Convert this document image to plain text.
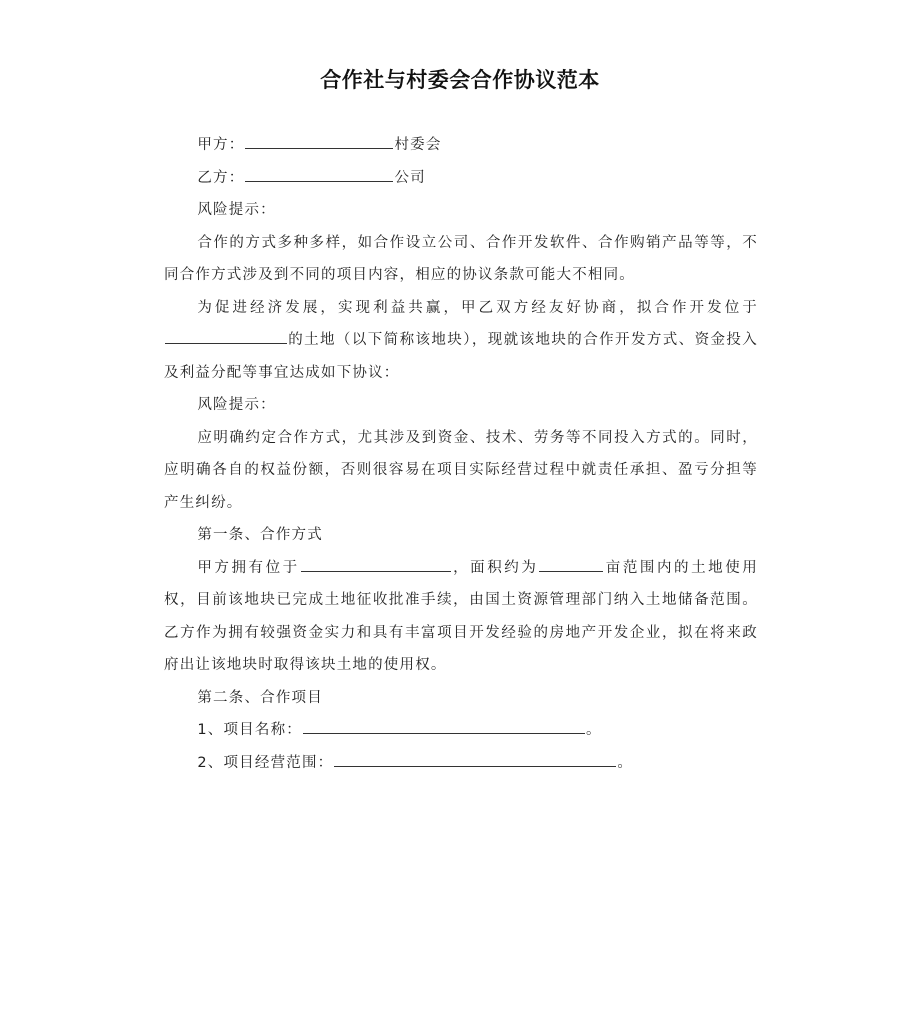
合作社与村委会合作协议范本

甲方：	村委会

乙方：	公司

风险提示：

合作的方式多种多样，如合作设立公司、合作开发软件、合作购销产品等等，不同合作方式涉及到不同的项目内容，相应的协议条款可能大不相同。

为促进经济发展，实现利益共赢，甲乙双方经友好协商，拟合作开发位于的土地（以下简称该地块），现就该地块的合作开发方式、资金投入及利益分配等事宜达成如下协议：

风险提示：

应明确约定合作方式，尤其涉及到资金、技术、劳务等不同投入方式的。同时，应明确各自的权益份额，否则很容易在项目实际经营过程中就责任承担、盈亏分担等产生纠纷。

第一条、合作方式

甲方拥有位于	，面积约为	亩范围内的土地使用权，目前该地块已完成土地征收批准手续，由国土资源管理部门纳入土地储备范围。乙方作为拥有较强资金实力和具有丰富项目开发经验的房地产开发企业，拟在将来政府出让该地块时取得该块土地的使用权。

第二条、合作项目

1、项目名称：	。

2、项目经营范围：	。
